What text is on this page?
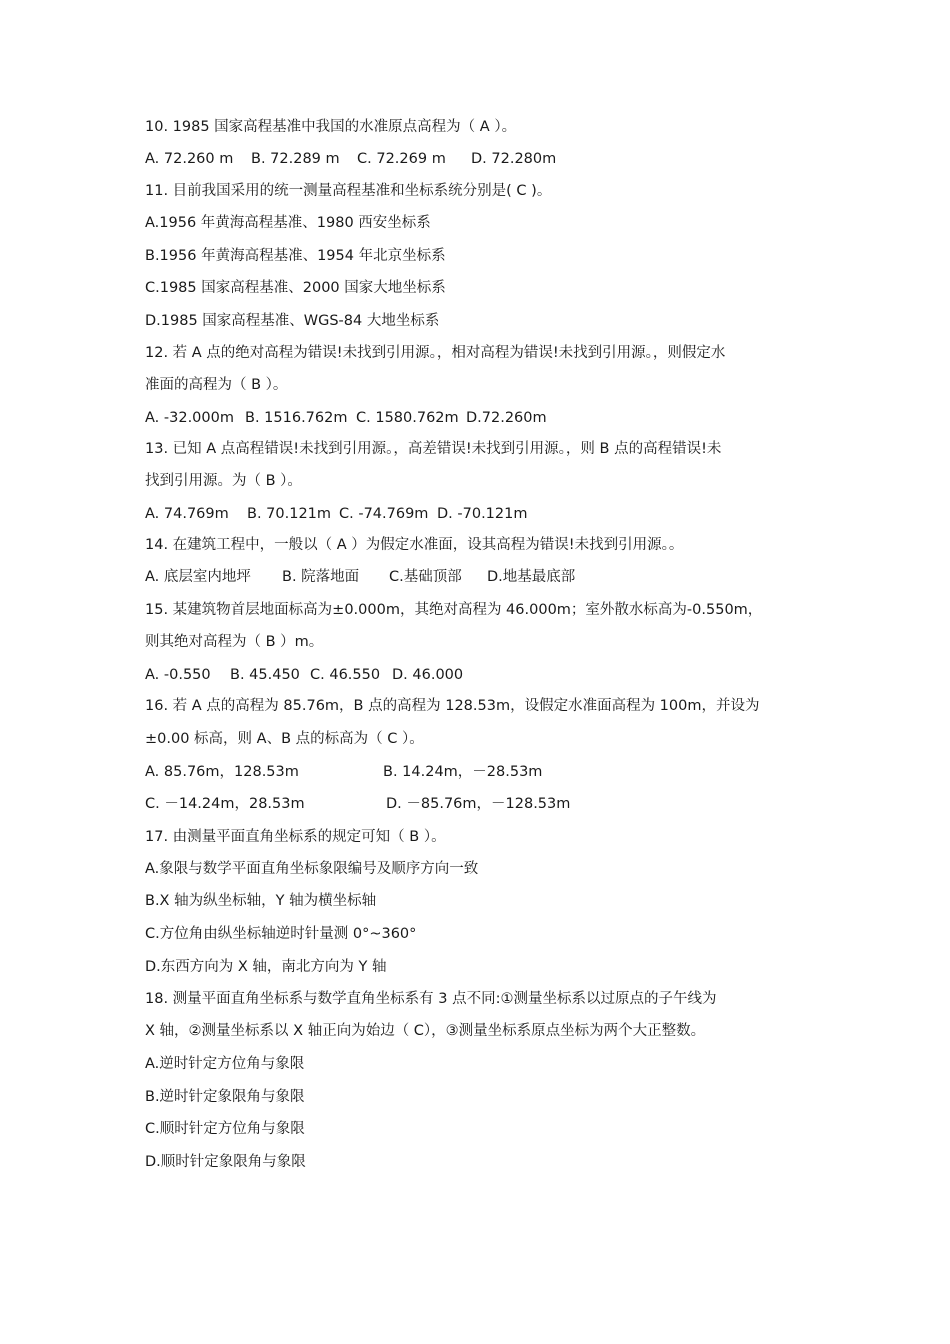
10. 1985 国家高程基准中我国的水准原点高程为（ A ）。
A. 72.260 m B. 72.289 m C. 72.269 m D. 72.280m
11. 目前我国采用的统一测量高程基准和坐标系统分别是( C )。
A.1956 年黄海高程基准、1980 西安坐标系
B.1956 年黄海高程基准、1954 年北京坐标系
C.1985 国家高程基准、2000 国家大地坐标系
D.1985 国家高程基准、WGS-84 大地坐标系
12. 若 A 点的绝对高程为错误!未找到引用源。，相对高程为错误!未找到引用源。，则假定水
准面的高程为（ B ）。
A. -32.000m B. 1516.762m C. 1580.762m D.72.260m
13. 已知 A 点高程错误!未找到引用源。，高差错误!未找到引用源。，则 B 点的高程错误!未
找到引用源。为（ B ）。
A. 74.769m B. 70.121m C. -74.769m D. -70.121m
14. 在建筑工程中，一般以（ A ）为假定水准面，设其高程为错误!未找到引用源。。
A. 底层室内地坪 B. 院落地面 C.基础顶部 D.地基最底部
15. 某建筑物首层地面标高为±0.000m，其绝对高程为 46.000m；室外散水标高为-0.550m，
则其绝对高程为（ B ）m。
A. -0.550 B. 45.450 C. 46.550 D. 46.000
16. 若 A 点的高程为 85.76m，B 点的高程为 128.53m，设假定水准面高程为 100m，并设为
±0.00 标高，则 A、B 点的标高为（ C ）。
A. 85.76m，128.53m	B. 14.24m，－28.53m
C. －14.24m，28.53m	D. －85.76m，－128.53m
17. 由测量平面直角坐标系的规定可知（ B ）。
A.象限与数学平面直角坐标象限编号及顺序方向一致
B.X 轴为纵坐标轴，Y 轴为横坐标轴
C.方位角由纵坐标轴逆时针量测 0°~360°
D.东西方向为 X 轴，南北方向为 Y 轴
18. 测量平面直角坐标系与数学直角坐标系有 3 点不同:①测量坐标系以过原点的子午线为
X 轴，②测量坐标系以 X 轴正向为始边（ C），③测量坐标系原点坐标为两个大正整数。
A.逆时针定方位角与象限
B.逆时针定象限角与象限
C.顺时针定方位角与象限
D.顺时针定象限角与象限
